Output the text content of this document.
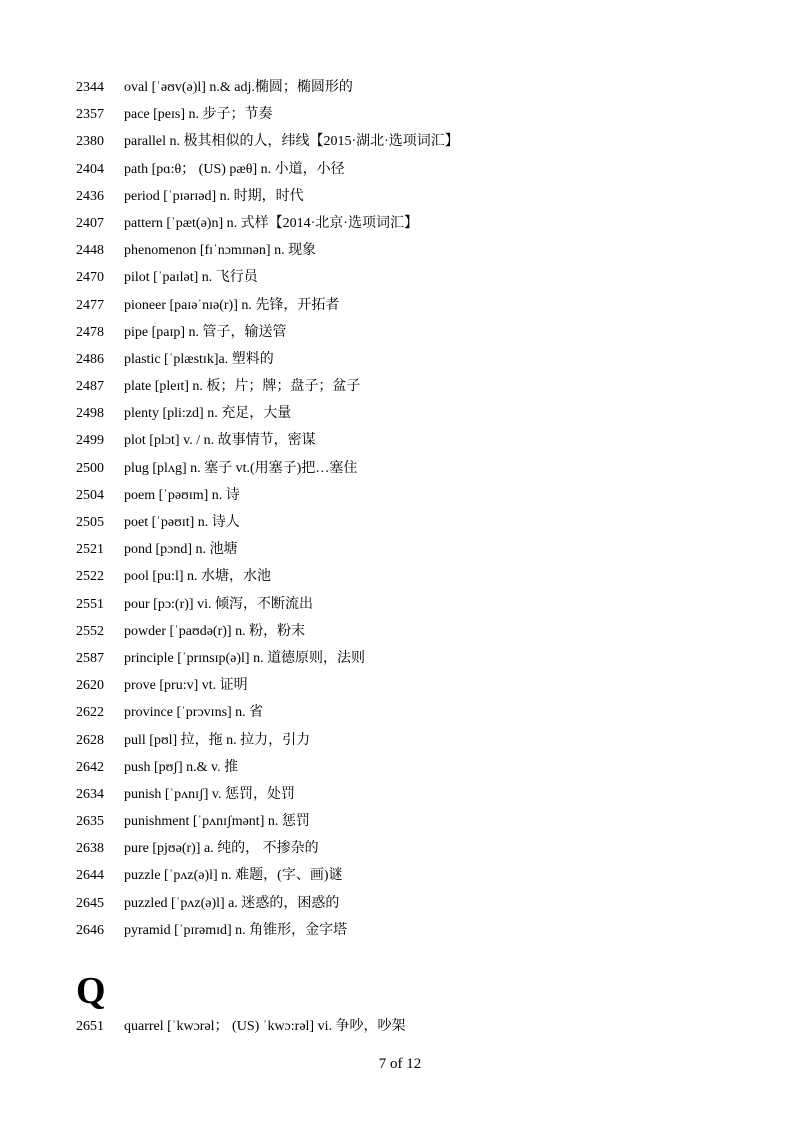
2344	oval [ˈəʊv(ə)l] n.& adj.椭圆；椭圆形的
2357	pace [peɪs] n. 步子；节奏
2380	parallel n. 极其相似的人，纬线【2015·湖北·选项词汇】
2404	path [pɑ:θ； (US) pæθ] n. 小道，小径
2436	period [ˈpɪərɪəd] n. 时期，时代
2407	pattern [ˈpæt(ə)n] n. 式样【2014·北京·选项词汇】
2448	phenomenon [fɪˈnɔmɪnən] n. 现象
2470	pilot [ˈpaɪlət] n. 飞行员
2477	pioneer [paɪəˈnɪə(r)] n. 先锋，开拓者
2478	pipe [paɪp] n. 管子，输送管
2486	plastic [ˈplæstɪk]a. 塑料的
2487	plate [pleɪt] n. 板；片；牌；盘子；盆子
2498	plenty [pli:zd] n. 充足，大量
2499	plot [plɔt] v. / n. 故事情节，密谋
2500	plug [plʌg] n. 塞子 vt.(用塞子)把…塞住
2504	poem [ˈpəʊɪm] n. 诗
2505	poet [ˈpəʊɪt] n. 诗人
2521	pond [pɔnd] n. 池塘
2522	pool [pu:l] n. 水塘，水池
2551	pour [pɔ:(r)] vi. 倾泻，不断流出
2552	powder [ˈpaʊdə(r)] n. 粉，粉末
2587	principle [ˈprɪnsɪp(ə)l] n. 道德原则，法则
2620	prove [pru:v] vt. 证明
2622	province [ˈprɔvɪns] n. 省
2628	pull [pʊl] 拉，拖 n. 拉力，引力
2642	push [pʊʃ] n.& v. 推
2634	punish [ˈpʌnɪʃ] v. 惩罚，处罚
2635	punishment [ˈpʌnɪʃmənt] n. 惩罚
2638	pure [pjʊə(r)] a. 纯的， 不掺杂的
2644	puzzle [ˈpʌz(ə)l] n. 难题，(字、画)谜
2645	puzzled [ˈpʌz(ə)l] a. 迷惑的，困惑的
2646	pyramid [ˈpɪrəmɪd] n. 角锥形，金字塔
Q
2651	quarrel [ˈkwɔrəl； (US) ˈkwɔ:rəl] vi. 争吵，吵架
7 of 12
